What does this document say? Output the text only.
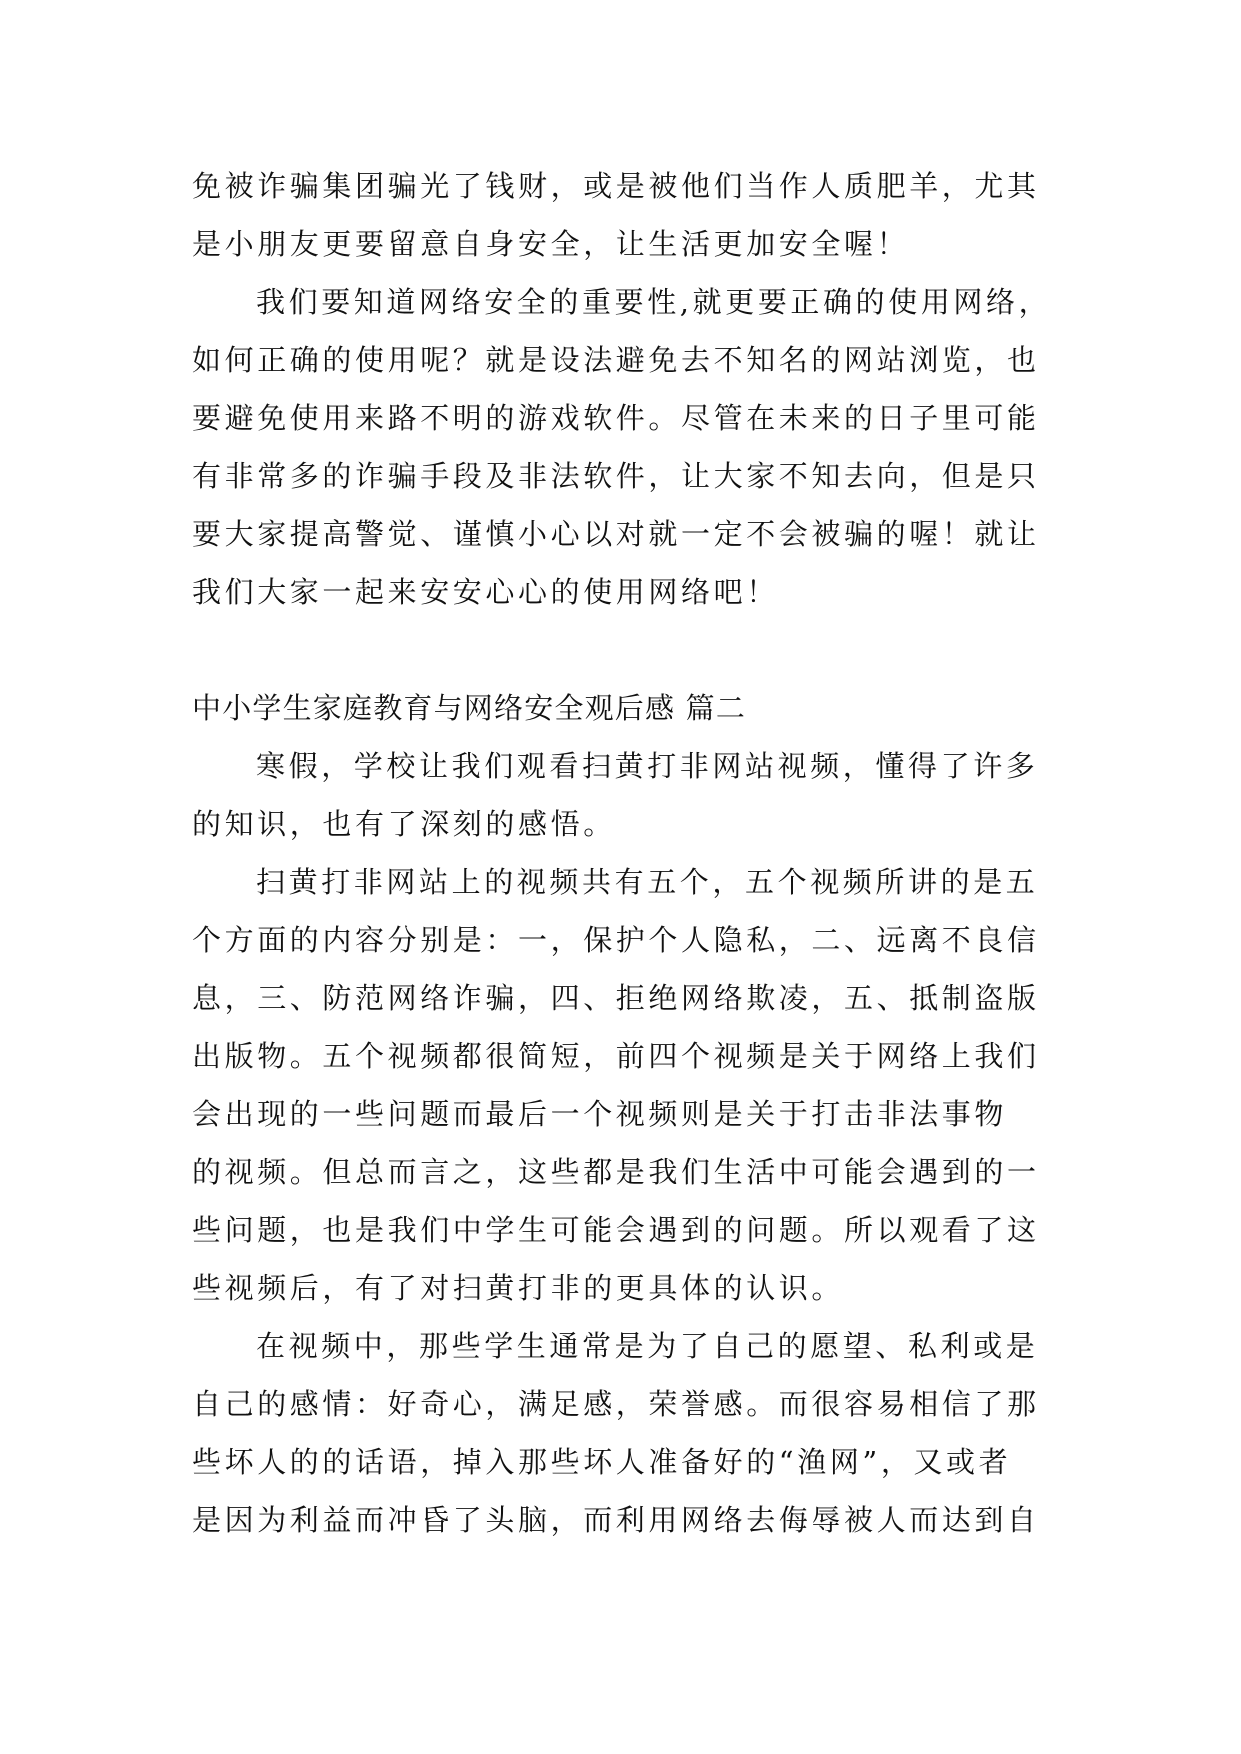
免被诈骗集团骗光了钱财，或是被他们当作人质肥羊，尤其
是小朋友更要留意自身安全，让生活更加安全喔！
我们要知道网络安全的重要性,就更要正确的使用网络，
如何正确的使用呢？就是设法避免去不知名的网站浏览，也
要避免使用来路不明的游戏软件。尽管在未来的日子里可能
有非常多的诈骗手段及非法软件，让大家不知去向，但是只
要大家提高警觉、谨慎小心以对就一定不会被骗的喔！就让
我们大家一起来安安心心的使用网络吧！
中小学生家庭教育与网络安全观后感 篇二
寒假，学校让我们观看扫黄打非网站视频，懂得了许多
的知识，也有了深刻的感悟。
扫黄打非网站上的视频共有五个，五个视频所讲的是五
个方面的内容分别是：一，保护个人隐私，二、远离不良信
息，三、防范网络诈骗，四、拒绝网络欺凌，五、抵制盗版
出版物。五个视频都很简短，前四个视频是关于网络上我们
会出现的一些问题而最后一个视频则是关于打击非法事物
的视频。但总而言之，这些都是我们生活中可能会遇到的一
些问题，也是我们中学生可能会遇到的问题。所以观看了这
些视频后，有了对扫黄打非的更具体的认识。
在视频中，那些学生通常是为了自己的愿望、私利或是
自己的感情：好奇心，满足感，荣誉感。而很容易相信了那
些坏人的的话语，掉入那些坏人准备好的“渔网”，又或者
是因为利益而冲昏了头脑，而利用网络去侮辱被人而达到自
